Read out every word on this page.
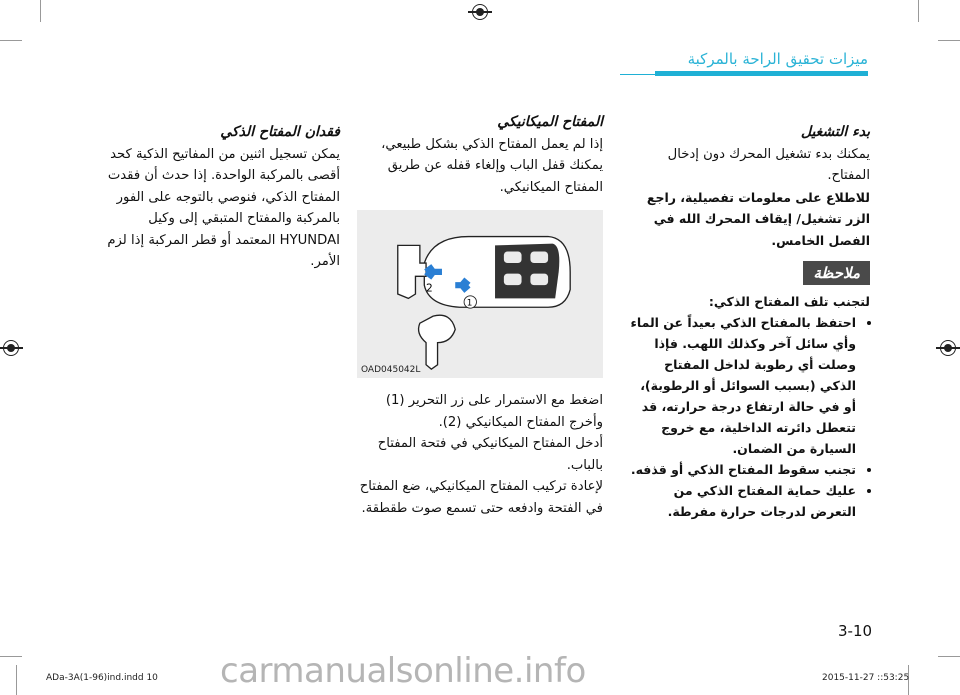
ميزات تحقيق الراحة بالمركبة
بدء التشغيل
يمكنك بدء تشغيل المحرك دون إدخال المفتاح.
للاطلاع على معلومات تفصيلية، راجع الزر تشغيل/ إيقاف المحرك الله في الفصل الخامس.
ملاحظة
لتجنب تلف المفتاح الذكي:
• احتفظ بالمفتاح الذكي بعيداً عن الماء وأي سائل آخر وكذلك اللهب. فإذا وصلت أي رطوبة لداخل المفتاح الذكي (بسبب السوائل أو الرطوبة)، أو في حالة ارتفاع درجة حرارته، قد تتعطل دائرته الداخلية، مع خروج السيارة من الضمان.
• تجنب سقوط المفتاح الذكي أو قذفه.
• عليك حماية المفتاح الذكي من التعرض لدرجات حرارة مفرطة.
المفتاح الميكانيكي
إذا لم يعمل المفتاح الذكي بشكل طبيعي، يمكنك قفل الباب وإلغاء قفله عن طريق المفتاح الميكانيكي.
2
1
OAD045042L
اضغط مع الاستمرار على زر التحرير (1) وأخرج المفتاح الميكانيكي (2).
أدخل المفتاح الميكانيكي في فتحة المفتاح بالباب.
لإعادة تركيب المفتاح الميكانيكي، ضع المفتاح في الفتحة وادفعه حتى تسمع صوت طقطقة.
فقدان المفتاح الذكي
يمكن تسجيل اثنين من المفاتيح الذكية كحد أقصى بالمركبة الواحدة. إذا حدث أن فقدت المفتاح الذكي، فنوصي بالتوجه على الفور بالمركبة والمفتاح المتبقي إلى وكيل HYUNDAI المعتمد أو قطر المركبة إذا لزم الأمر.
3-10
carmanualsonline.info
ADa-3A(1-96)ind.indd 10	2015-11-27 ::53:25
